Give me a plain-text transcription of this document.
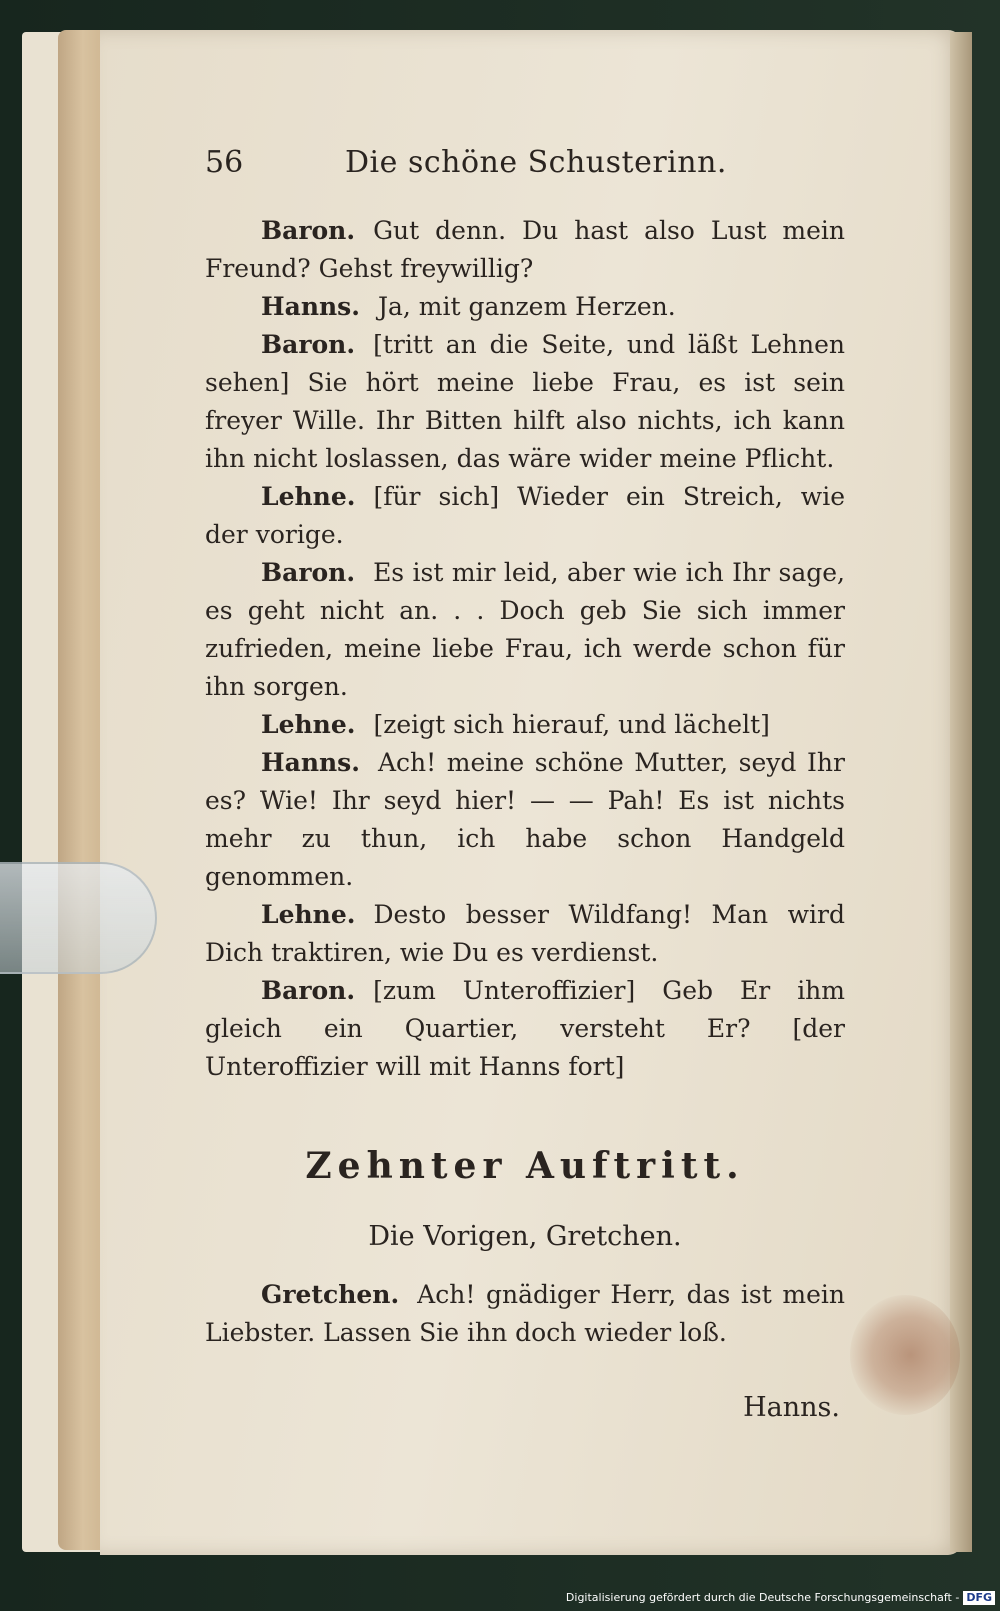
56	Die schöne Schusterinn.

Baron. Gut denn. Du hast also Lust mein Freund? Gehst freywillig?

Hanns. Ja, mit ganzem Herzen.

Baron. [tritt an die Seite, und läßt Lehnen sehen] Sie hört meine liebe Frau, es ist sein freyer Wille. Ihr Bitten hilft also nichts, ich kann ihn nicht loslassen, das wäre wider meine Pflicht.

Lehne. [für sich] Wieder ein Streich, wie der vorige.

Baron. Es ist mir leid, aber wie ich Ihr sage, es geht nicht an. . . Doch geb Sie sich immer zufrieden, meine liebe Frau, ich werde schon für ihn sorgen.

Lehne. [zeigt sich hierauf, und lächelt]

Hanns. Ach! meine schöne Mutter, seyd Ihr es? Wie! Ihr seyd hier! — — Pah! Es ist nichts mehr zu thun, ich habe schon Handgeld genommen.

Lehne. Desto besser Wildfang! Man wird Dich traktiren, wie Du es verdienst.

Baron. [zum Unteroffizier] Geb Er ihm gleich ein Quartier, versteht Er? [der Unteroffizier will mit Hanns fort]

Zehnter Auftritt.
Die Vorigen, Gretchen.

Gretchen. Ach! gnädiger Herr, das ist mein Liebster. Lassen Sie ihn doch wieder loß.

Hanns.
Digitalisierung gefördert durch die Deutsche Forschungsgemeinschaft - DFG
